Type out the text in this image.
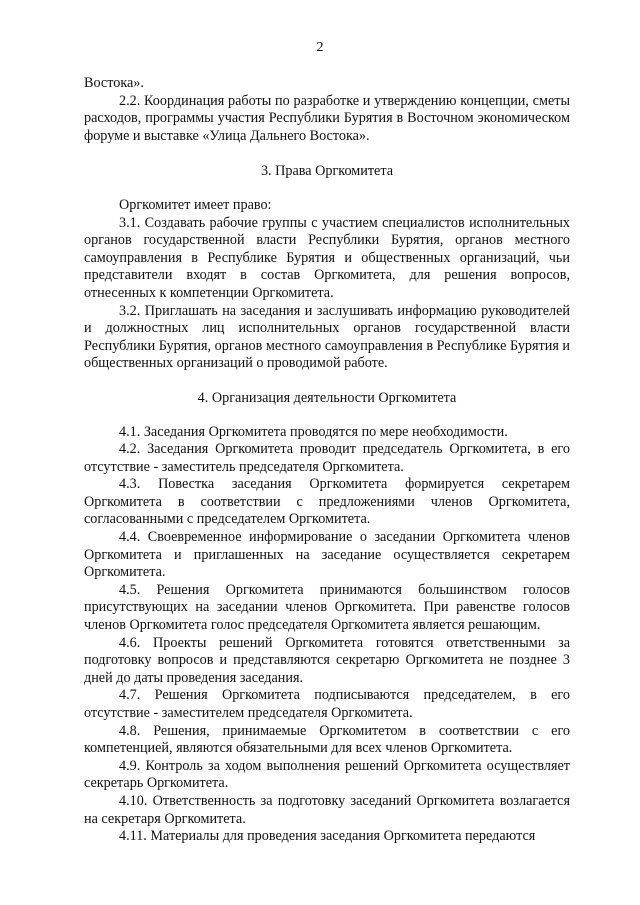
2

Востока».

2.2. Координация работы по разработке и утверждению концепции, сметы расходов, программы участия Республики Бурятия в Восточном экономическом форуме и выставке «Улица Дальнего Востока».

3. Права Оргкомитета

Оргкомитет имеет право:

3.1. Создавать рабочие группы с участием специалистов исполнительных органов государственной власти Республики Бурятия, органов местного самоуправления в Республике Бурятия и общественных организаций, чьи представители входят в состав Оргкомитета, для решения вопросов, отнесенных к компетенции Оргкомитета.

3.2. Приглашать на заседания и заслушивать информацию руководителей и должностных лиц исполнительных органов государственной власти Республики Бурятия, органов местного самоуправления в Республикe Бурятия и общественных организаций о проводимой работе.

4. Организация деятельности Оргкомитета

4.1. Заседания Оргкомитета проводятся по мере необходимости.

4.2. Заседания Оргкомитета проводит председатель Оргкомитета, в его отсутствие - заместитель председателя Оргкомитета.

4.3. Повестка заседания Оргкомитета формируется секретарем Оргкомитета в соответствии с предложениями членов Оргкомитета, согласованными с председателем Оргкомитета.

4.4. Своевременное информирование о заседании Оргкомитета членов Оргкомитета и приглашенных на заседание осуществляется секретарем Оргкомитета.

4.5. Решения Оргкомитета принимаются большинством голосов присутствующих на заседании членов Оргкомитета. При равенстве голосов членов Оргкомитета голос председателя Оргкомитета является решающим.

4.6. Проекты решений Оргкомитета готовятся ответственными за подготовку вопросов и представляются секретарю Оргкомитета не позднее 3 дней до даты проведения заседания.

4.7. Решения Оргкомитета подписываются председателем, в его отсутствие - заместителем председателя Оргкомитета.

4.8. Решения, принимаемые Оргкомитетом в соответствии с его компетенцией, являются обязательными для всех членов Оргкомитета.

4.9. Контроль за ходом выполнения решений Оргкомитета осуществляет секретарь Оргкомитета.

4.10. Ответственность за подготовку заседаний Оргкомитета возлагается на секретаря Оргкомитета.

4.11. Материалы для проведения заседания Оргкомитета передаются
